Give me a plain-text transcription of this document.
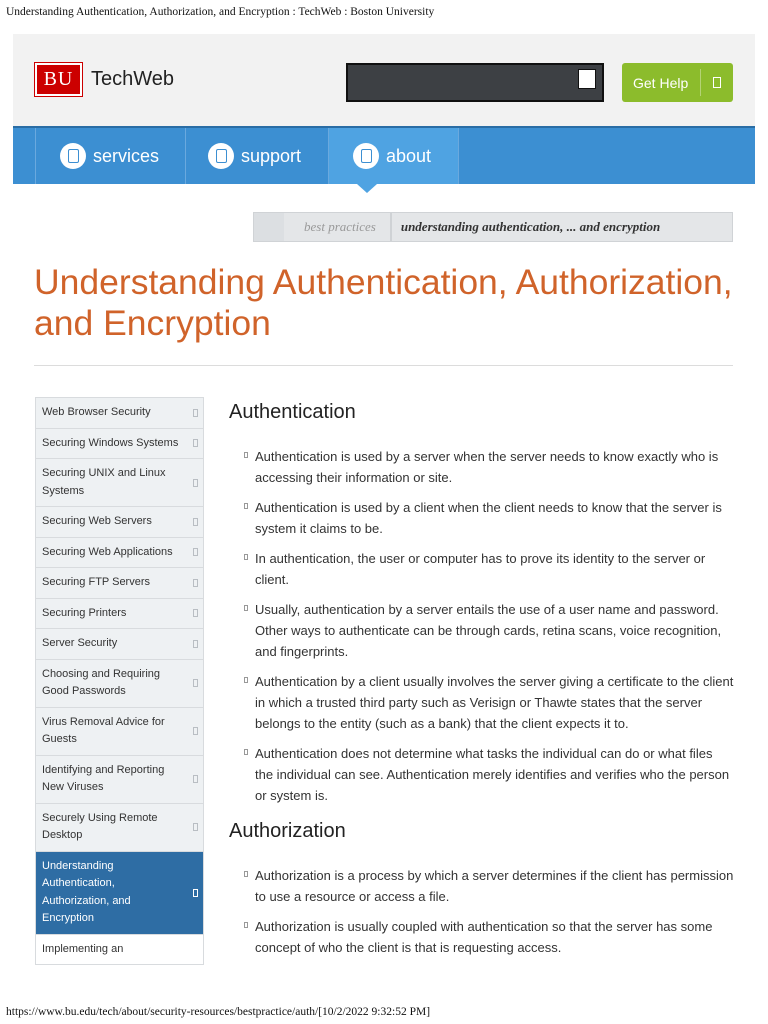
Understanding Authentication, Authorization, and Encryption : TechWeb : Boston University
BU TechWeb	Get Help
services	support	about
best practices	understanding authentication, ... and encryption
Understanding Authentication, Authorization, and Encryption
Web Browser Security
Securing Windows Systems
Securing UNIX and Linux Systems
Securing Web Servers
Securing Web Applications
Securing FTP Servers
Securing Printers
Server Security
Choosing and Requiring Good Passwords
Virus Removal Advice for Guests
Identifying and Reporting New Viruses
Securely Using Remote Desktop
Understanding Authentication, Authorization, and Encryption
Implementing an
Authentication
Authentication is used by a server when the server needs to know exactly who is accessing their information or site.
Authentication is used by a client when the client needs to know that the server is system it claims to be.
In authentication, the user or computer has to prove its identity to the server or client.
Usually, authentication by a server entails the use of a user name and password. Other ways to authenticate can be through cards, retina scans, voice recognition, and fingerprints.
Authentication by a client usually involves the server giving a certificate to the client in which a trusted third party such as Verisign or Thawte states that the server belongs to the entity (such as a bank) that the client expects it to.
Authentication does not determine what tasks the individual can do or what files the individual can see. Authentication merely identifies and verifies who the person or system is.
Authorization
Authorization is a process by which a server determines if the client has permission to use a resource or access a file.
Authorization is usually coupled with authentication so that the server has some concept of who the client is that is requesting access.
https://www.bu.edu/tech/about/security-resources/bestpractice/auth/[10/2/2022 9:32:52 PM]
